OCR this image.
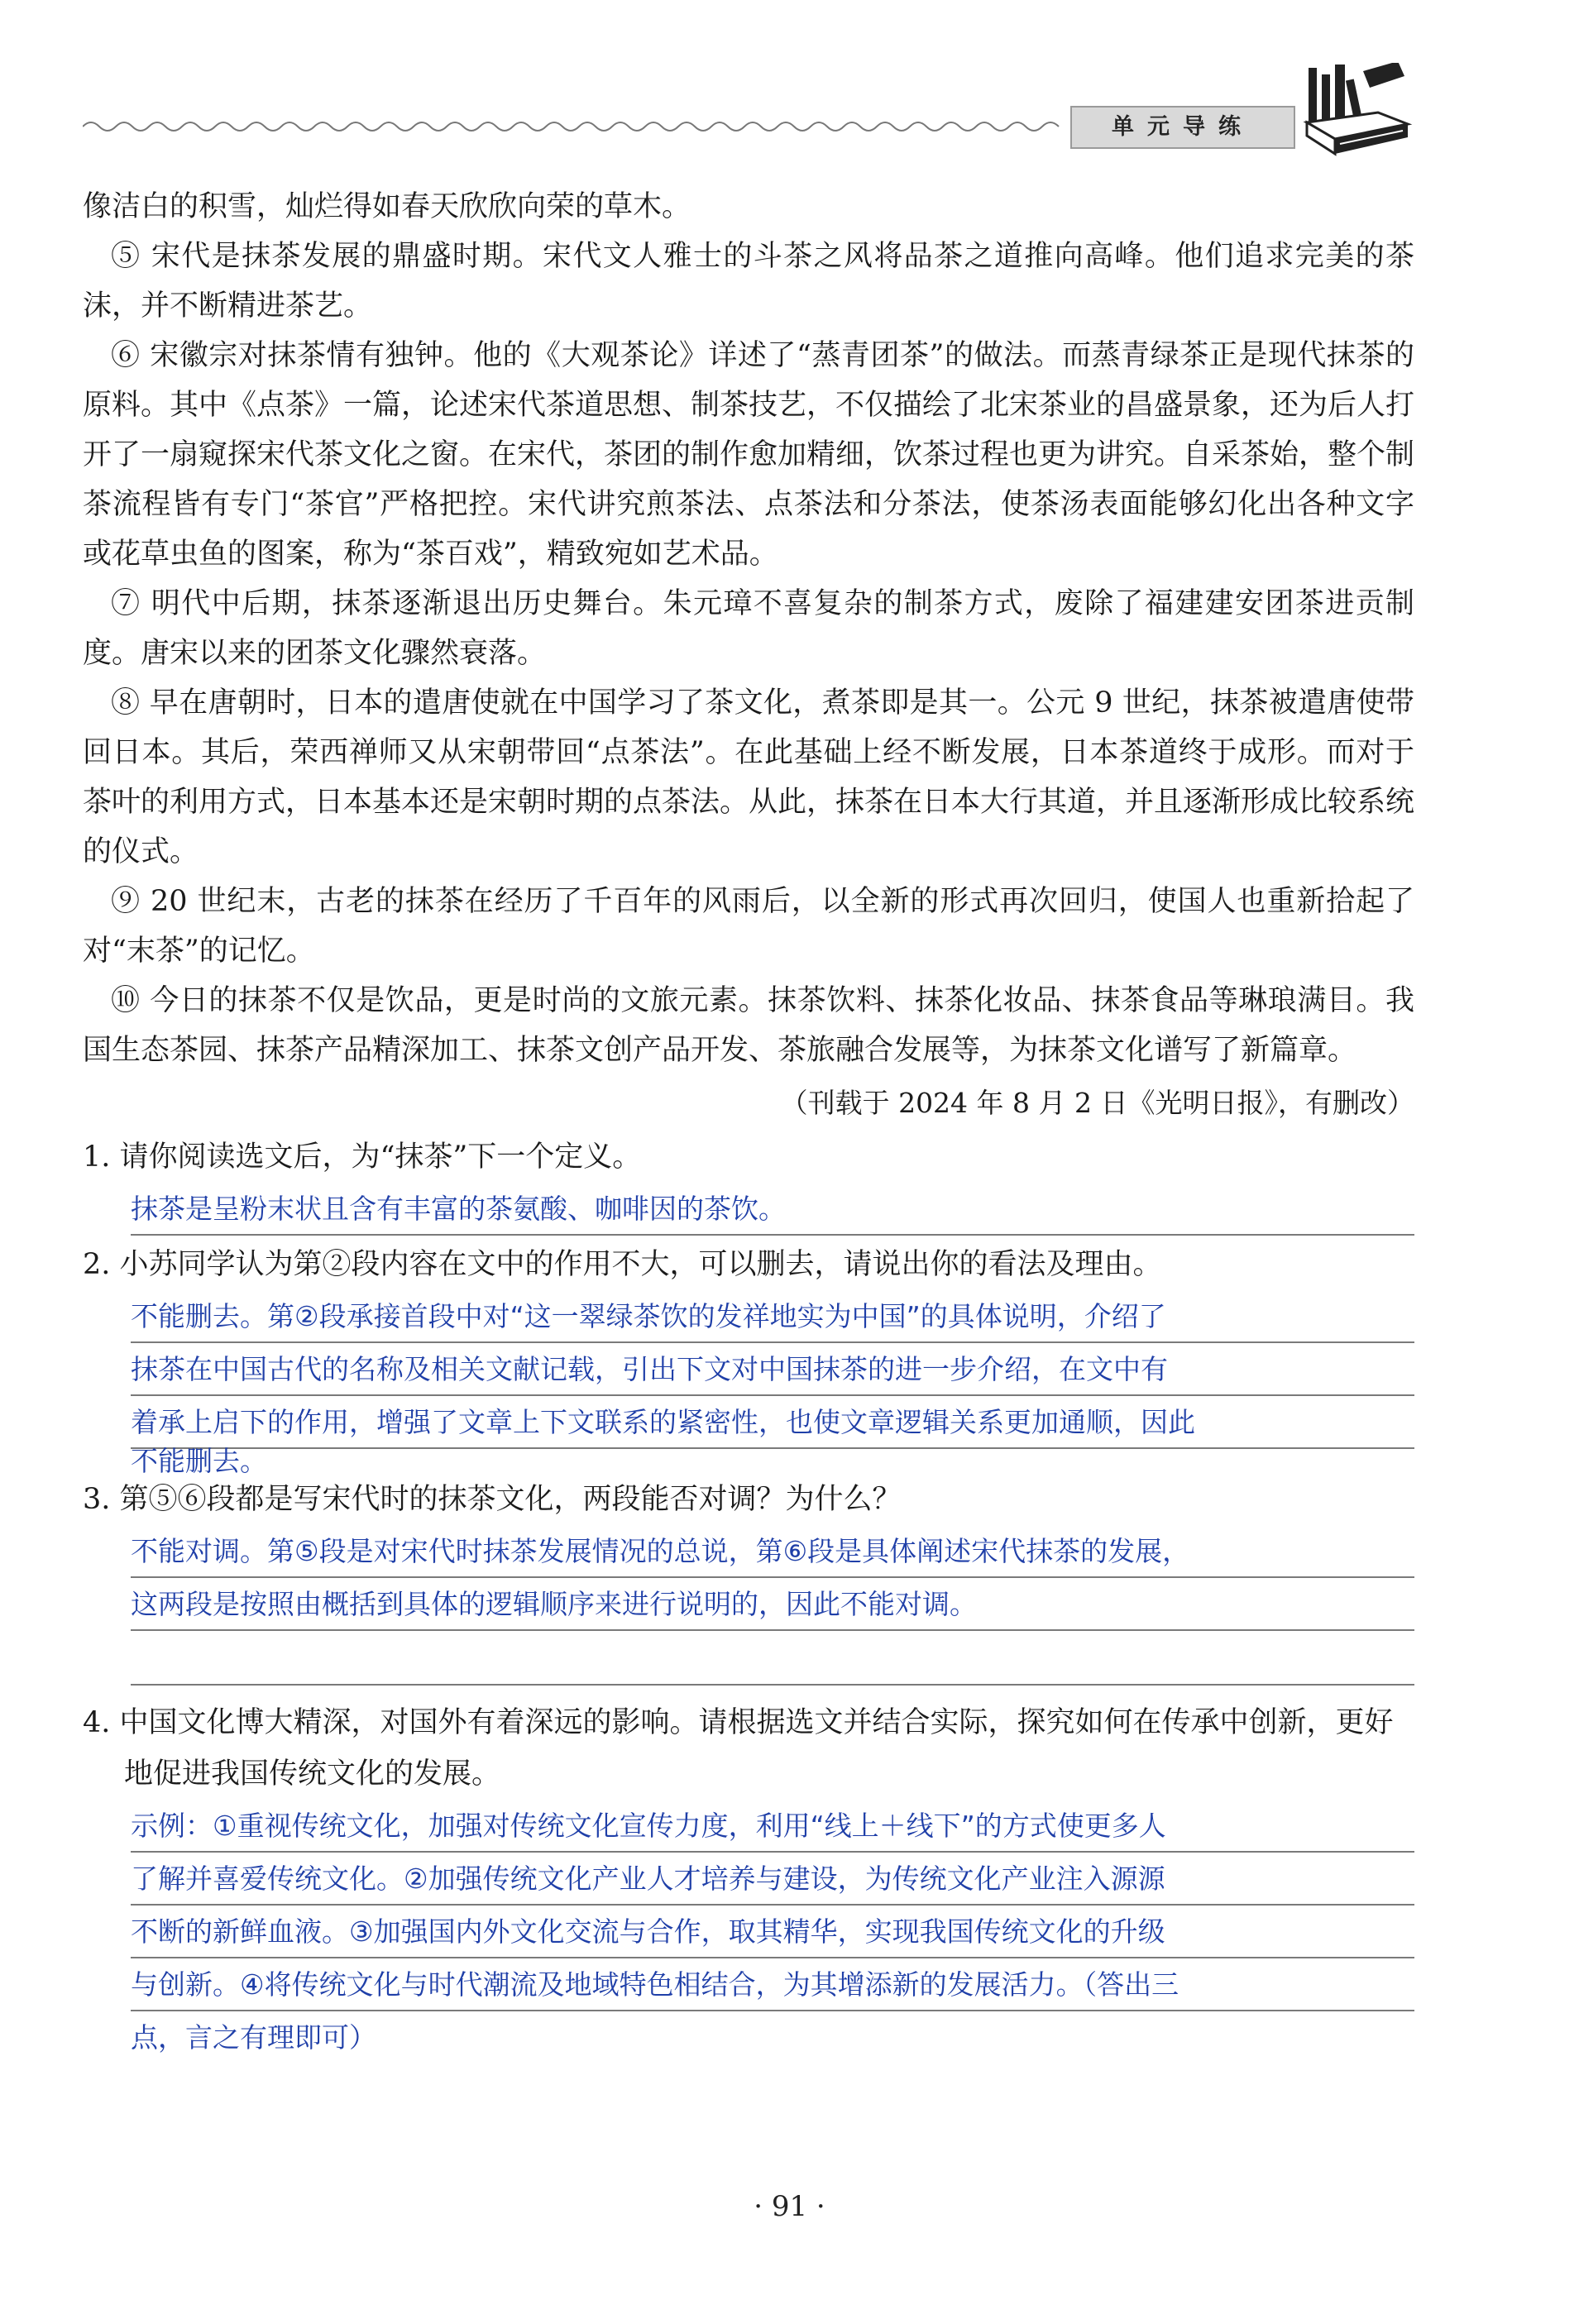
单元导练

像洁白的积雪，灿烂得如春天欣欣向荣的草木。

⑤ 宋代是抹茶发展的鼎盛时期。宋代文人雅士的斗茶之风将品茶之道推向高峰。他们追求完美的茶沫，并不断精进茶艺。

⑥ 宋徽宗对抹茶情有独钟。他的《大观茶论》详述了“蒸青团茶”的做法。而蒸青绿茶正是现代抹茶的原料。其中《点茶》一篇，论述宋代茶道思想、制茶技艺，不仅描绘了北宋茶业的昌盛景象，还为后人打开了一扇窥探宋代茶文化之窗。在宋代，茶团的制作愈加精细，饮茶过程也更为讲究。自采茶始，整个制茶流程皆有专门“茶官”严格把控。宋代讲究煎茶法、点茶法和分茶法，使茶汤表面能够幻化出各种文字或花草虫鱼的图案，称为“茶百戏”，精致宛如艺术品。

⑦ 明代中后期，抹茶逐渐退出历史舞台。朱元璋不喜复杂的制茶方式，废除了福建建安团茶进贡制度。唐宋以来的团茶文化骤然衰落。

⑧ 早在唐朝时，日本的遣唐使就在中国学习了茶文化，煮茶即是其一。公元 9 世纪，抹茶被遣唐使带回日本。其后，荣西禅师又从宋朝带回“点茶法”。在此基础上经不断发展，日本茶道终于成形。而对于茶叶的利用方式，日本基本还是宋朝时期的点茶法。从此，抹茶在日本大行其道，并且逐渐形成比较系统的仪式。

⑨ 20 世纪末，古老的抹茶在经历了千百年的风雨后，以全新的形式再次回归，使国人也重新拾起了对“末茶”的记忆。

⑩ 今日的抹茶不仅是饮品，更是时尚的文旅元素。抹茶饮料、抹茶化妆品、抹茶食品等琳琅满目。我国生态茶园、抹茶产品精深加工、抹茶文创产品开发、茶旅融合发展等，为抹茶文化谱写了新篇章。

（刊载于 2024 年 8 月 2 日《光明日报》，有删改）

1. 请你阅读选文后，为“抹茶”下一个定义。

抹茶是呈粉末状且含有丰富的茶氨酸、咖啡因的茶饮。

2. 小苏同学认为第②段内容在文中的作用不大，可以删去，请说出你的看法及理由。

不能删去。第②段承接首段中对“这一翠绿茶饮的发祥地实为中国”的具体说明，介绍了
抹茶在中国古代的名称及相关文献记载，引出下文对中国抹茶的进一步介绍，在文中有
着承上启下的作用，增强了文章上下文联系的紧密性，也使文章逻辑关系更加通顺，因此
不能删去。

3. 第⑤⑥段都是写宋代时的抹茶文化，两段能否对调？为什么？

不能对调。第⑤段是对宋代时抹茶发展情况的总说，第⑥段是具体阐述宋代抹茶的发展，
这两段是按照由概括到具体的逻辑顺序来进行说明的，因此不能对调。

4. 中国文化博大精深，对国外有着深远的影响。请根据选文并结合实际，探究如何在传承中创新，更好地促进我国传统文化的发展。

示例：①重视传统文化，加强对传统文化宣传力度，利用“线上＋线下”的方式使更多人
了解并喜爱传统文化。②加强传统文化产业人才培养与建设，为传统文化产业注入源源
不断的新鲜血液。③加强国内外文化交流与合作，取其精华，实现我国传统文化的升级
与创新。④将传统文化与时代潮流及地域特色相结合，为其增添新的发展活力。（答出三
点，言之有理即可）
· 91 ·
